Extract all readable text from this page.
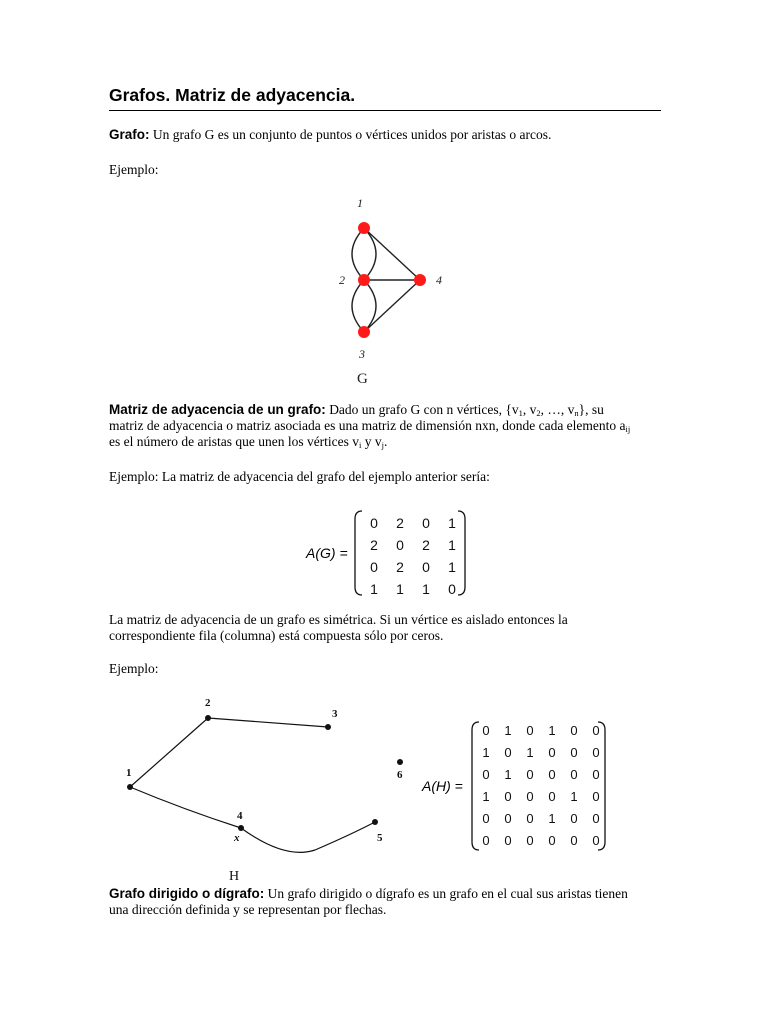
Grafos. Matriz de adyacencia.
Grafo: Un grafo G es un conjunto de puntos o vértices unidos por aristas o arcos.
Ejemplo:
1
2
3
4
G
Matriz de adyacencia de un grafo: Dado un grafo G con n vértices, {$v_1$, $v_2$, …, $v_n$}, su
matriz de adyacencia o matriz asociada es una matriz de dimensión nxn, donde cada elemento $a_{ij}$
es el número de aristas que unen los vértices $v_i$ y $v_j$.
Ejemplo: La matriz de adyacencia del grafo del ejemplo anterior sería:
A(G) =
0 2 0 1
2 0 2 1
0 2 0 1
1 1 1 0
La matriz de adyacencia de un grafo es simétrica. Si un vértice es aislado entonces la
correspondiente fila (columna) está compuesta sólo por ceros.
Ejemplo:
1
2
3
4
5
6
x
H
A(H) =
0 1 0 1 0 0
1 0 1 0 0 0
0 1 0 0 0 0
1 0 0 0 1 0
0 0 0 1 0 0
0 0 0 0 0 0
Grafo dirigido o dígrafo: Un grafo dirigido o dígrafo es un grafo en el cual sus aristas tienen
una dirección definida y se representan por flechas.
